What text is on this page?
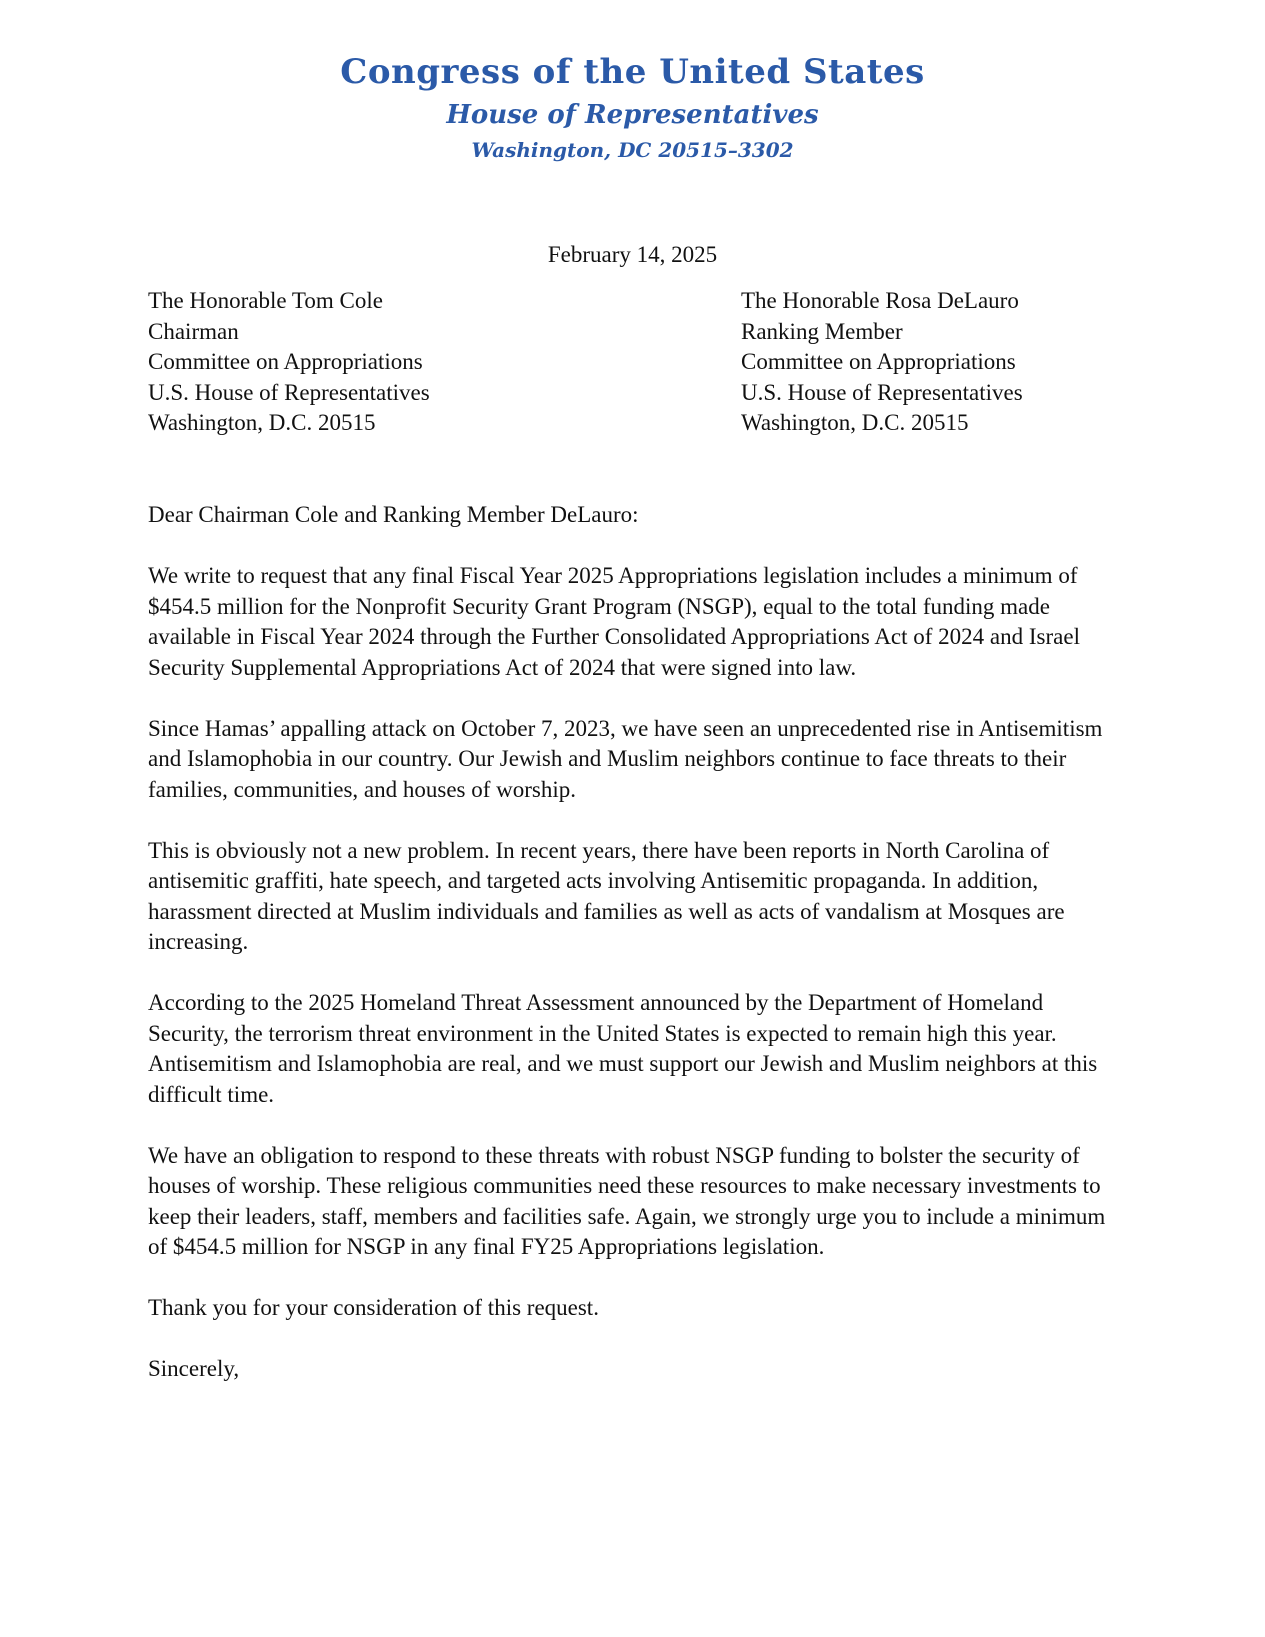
Congress of the United States
House of Representatives
Washington, DC 20515–3302
February 14, 2025
The Honorable Tom Cole
Chairman
Committee on Appropriations
U.S. House of Representatives
Washington, D.C. 20515
The Honorable Rosa DeLauro
Ranking Member
Committee on Appropriations
U.S. House of Representatives
Washington, D.C. 20515

Dear Chairman Cole and Ranking Member DeLauro:

We write to request that any final Fiscal Year 2025 Appropriations legislation includes a minimum of $454.5 million for the Nonprofit Security Grant Program (NSGP), equal to the total funding made available in Fiscal Year 2024 through the Further Consolidated Appropriations Act of 2024 and Israel Security Supplemental Appropriations Act of 2024 that were signed into law.

Since Hamas’ appalling attack on October 7, 2023, we have seen an unprecedented rise in Antisemitism and Islamophobia in our country. Our Jewish and Muslim neighbors continue to face threats to their families, communities, and houses of worship.

This is obviously not a new problem. In recent years, there have been reports in North Carolina of antisemitic graffiti, hate speech, and targeted acts involving Antisemitic propaganda. In addition, harassment directed at Muslim individuals and families as well as acts of vandalism at Mosques are increasing.

According to the 2025 Homeland Threat Assessment announced by the Department of Homeland Security, the terrorism threat environment in the United States is expected to remain high this year. Antisemitism and Islamophobia are real, and we must support our Jewish and Muslim neighbors at this difficult time.

We have an obligation to respond to these threats with robust NSGP funding to bolster the security of houses of worship. These religious communities need these resources to make necessary investments to keep their leaders, staff, members and facilities safe. Again, we strongly urge you to include a minimum of $454.5 million for NSGP in any final FY25 Appropriations legislation.

Thank you for your consideration of this request.

Sincerely,
